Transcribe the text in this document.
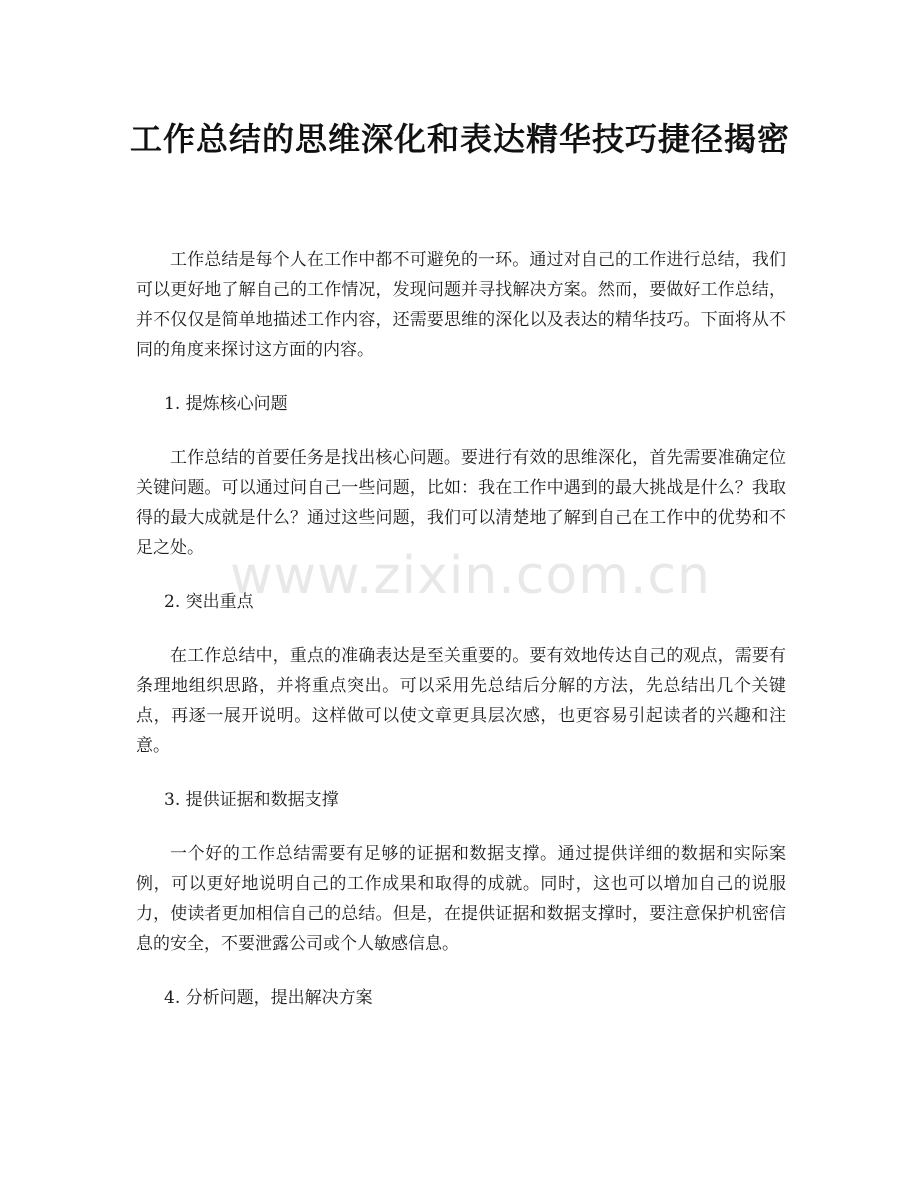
工作总结的思维深化和表达精华技巧捷径揭密

工作总结是每个人在工作中都不可避免的一环。通过对自己的工作进行总结，我们可以更好地了解自己的工作情况，发现问题并寻找解决方案。然而，要做好工作总结，并不仅仅是简单地描述工作内容，还需要思维的深化以及表达的精华技巧。下面将从不同的角度来探讨这方面的内容。

1. 提炼核心问题

工作总结的首要任务是找出核心问题。要进行有效的思维深化，首先需要准确定位关键问题。可以通过问自己一些问题，比如：我在工作中遇到的最大挑战是什么？我取得的最大成就是什么？通过这些问题，我们可以清楚地了解到自己在工作中的优势和不足之处。

2. 突出重点

在工作总结中，重点的准确表达是至关重要的。要有效地传达自己的观点，需要有条理地组织思路，并将重点突出。可以采用先总结后分解的方法，先总结出几个关键点，再逐一展开说明。这样做可以使文章更具层次感，也更容易引起读者的兴趣和注意。

3. 提供证据和数据支撑

一个好的工作总结需要有足够的证据和数据支撑。通过提供详细的数据和实际案例，可以更好地说明自己的工作成果和取得的成就。同时，这也可以增加自己的说服力，使读者更加相信自己的总结。但是，在提供证据和数据支撑时，要注意保护机密信息的安全，不要泄露公司或个人敏感信息。

4. 分析问题，提出解决方案

www.zixin.com.cn
